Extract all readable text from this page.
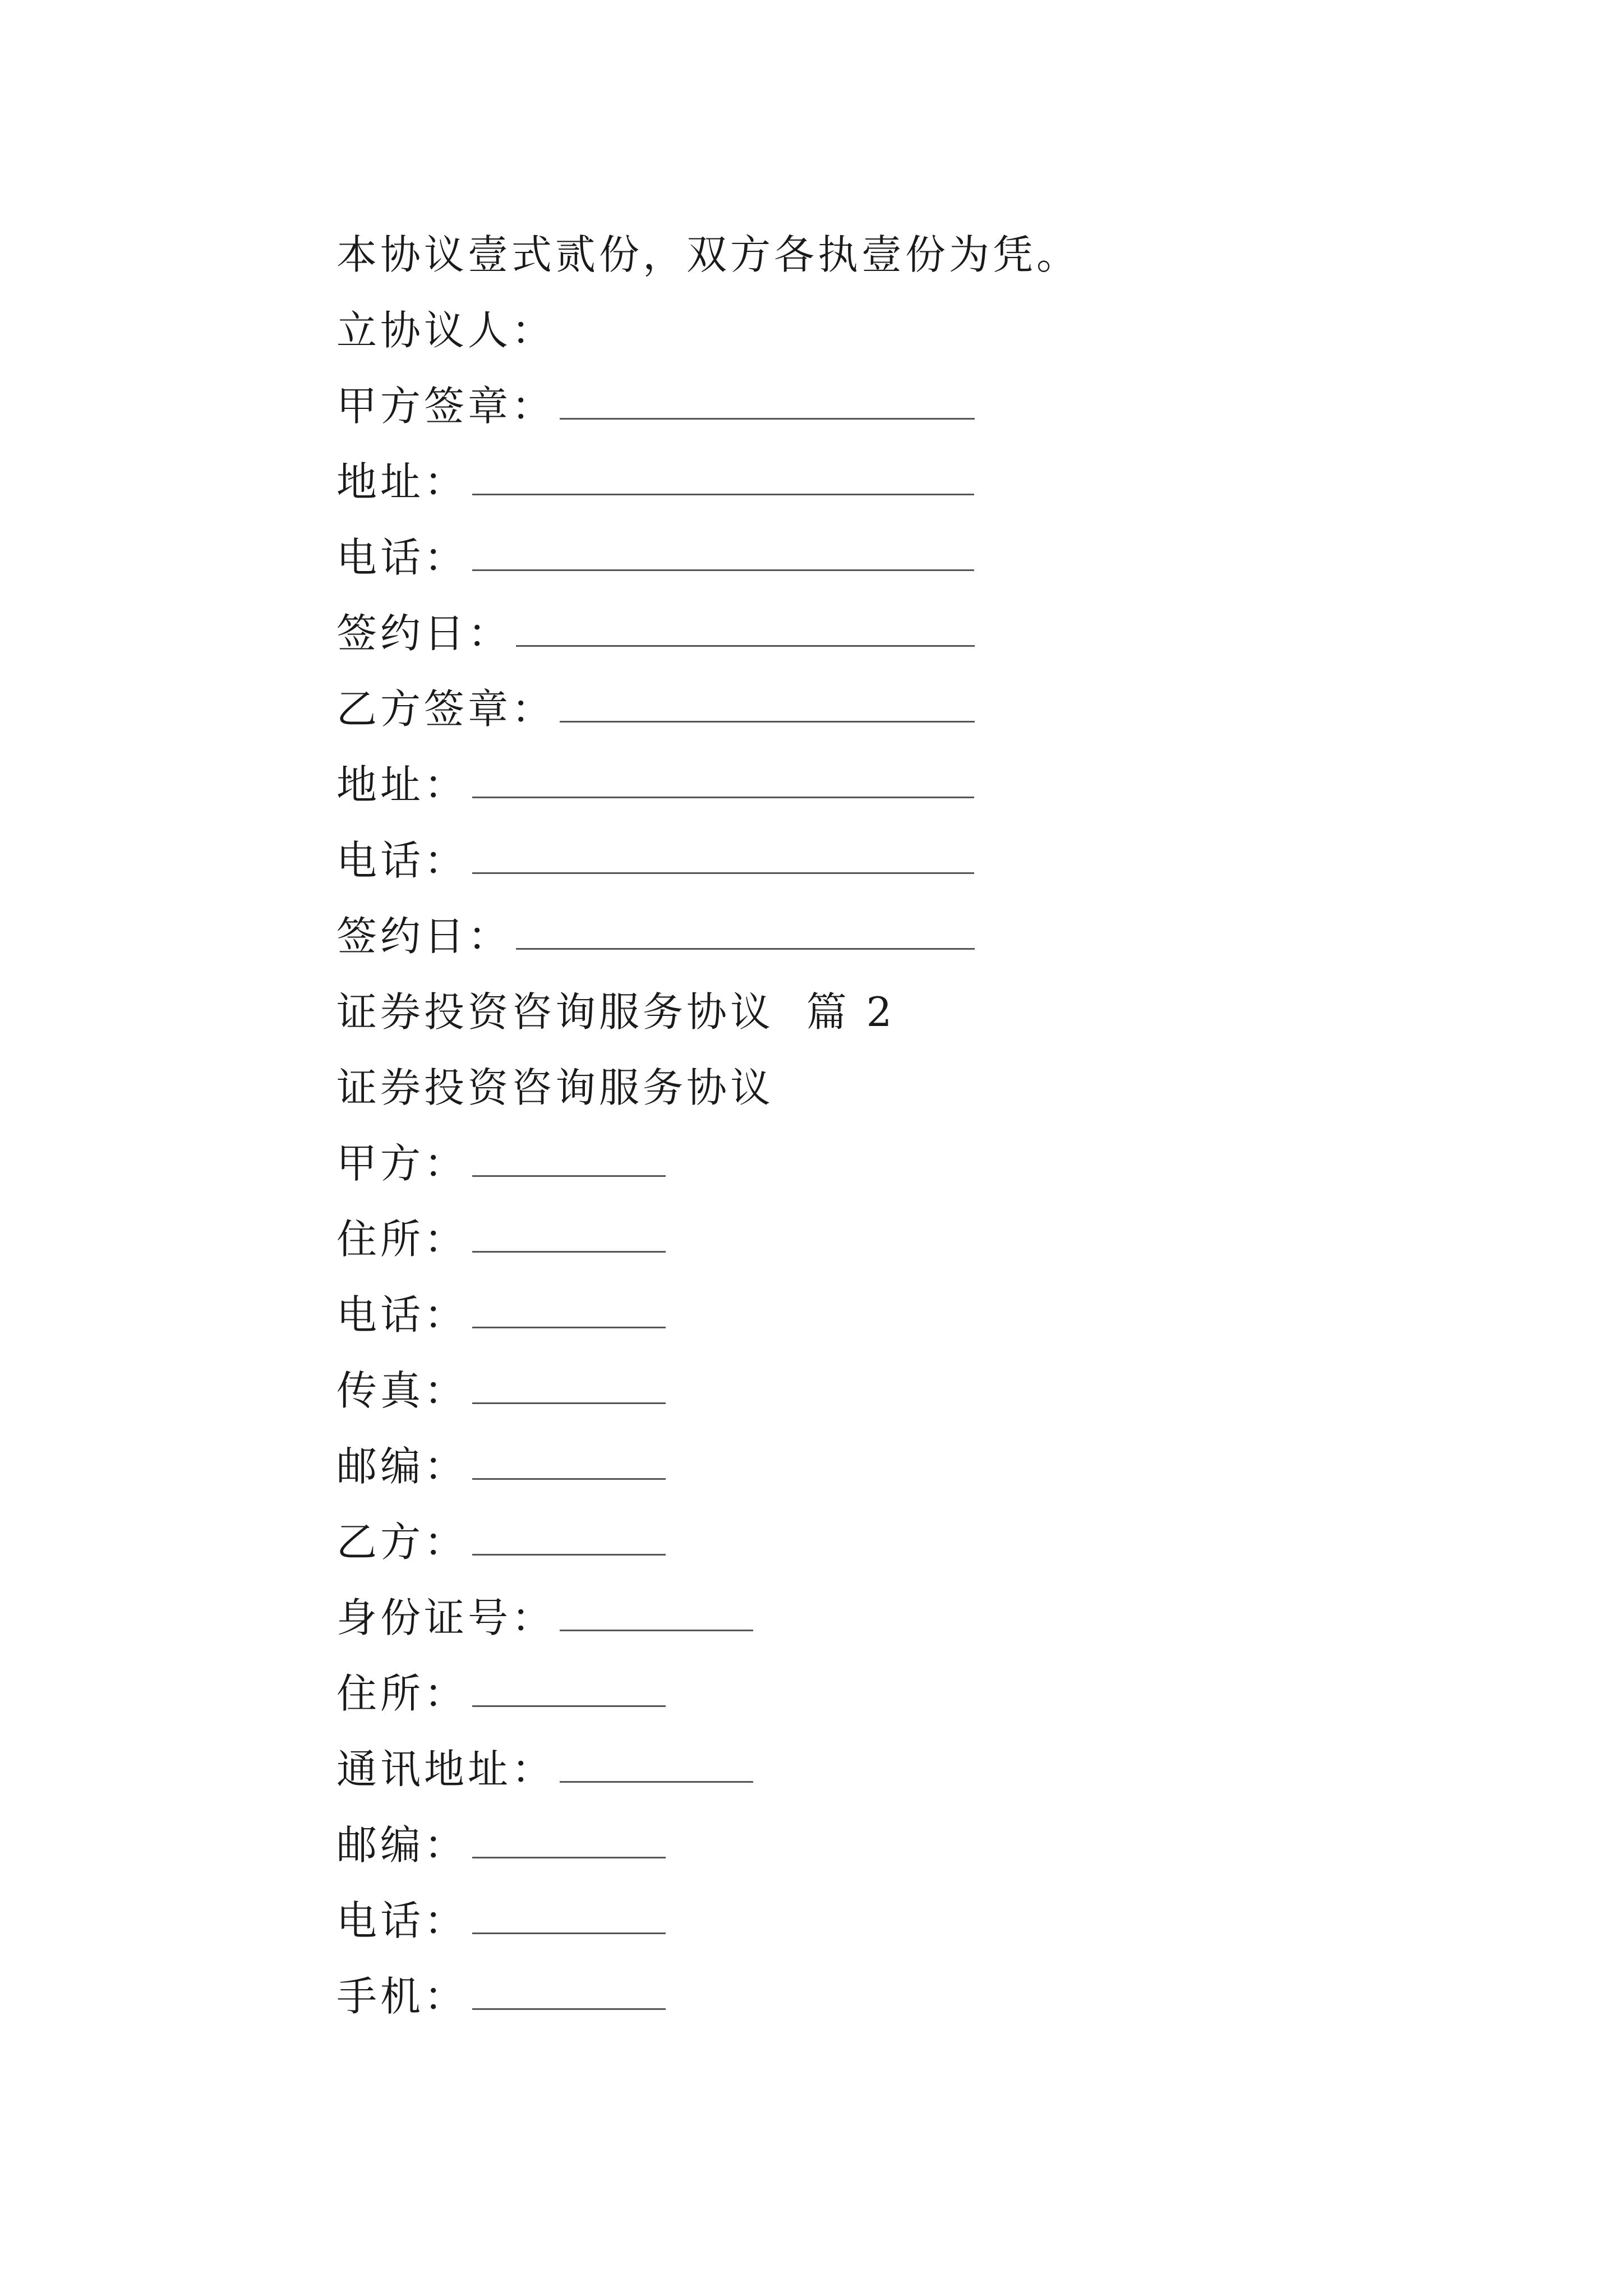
本协议壹式贰份，双方各执壹份为凭。
立协议人：
甲方签章：
地址：
电话：
签约日：
乙方签章：
地址：
电话：
签约日：
证券投资咨询服务协议  篇 2
证券投资咨询服务协议
甲方：
住所：
电话：
传真：
邮编：
乙方：
身份证号：
住所：
通讯地址：
邮编：
电话：
手机：
